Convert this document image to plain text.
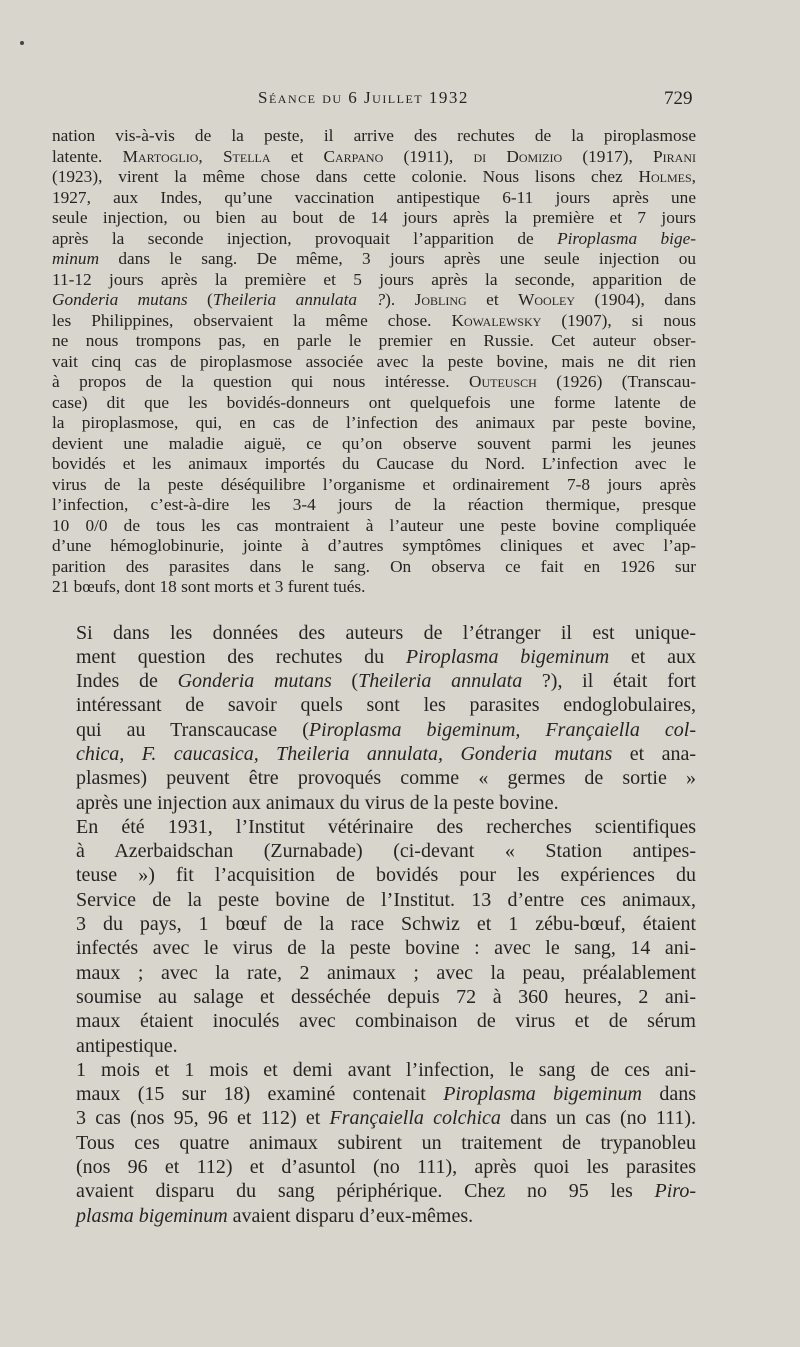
Séance du 6 Juillet 1932	729

nation vis-à-vis de la peste, il arrive des rechutes de la piroplasmose
latente. Martoglio, Stella et Carpano (1911), di Domizio (1917), Pirani
(1923), virent la même chose dans cette colonie. Nous lisons chez Holmes,
1927, aux Indes, qu’une vaccination antipestique 6-11 jours après une
seule injection, ou bien au bout de 14 jours après la première et 7 jours
après la seconde injection, provoquait l’apparition de Piroplasma bige-
minum dans le sang. De même, 3 jours après une seule injection ou
11-12 jours après la première et 5 jours après la seconde, apparition de
Gonderia mutans (Theileria annulata ?). Jobling et Wooley (1904), dans
les Philippines, observaient la même chose. Kowalewsky (1907), si nous
ne nous trompons pas, en parle le premier en Russie. Cet auteur obser-
vait cinq cas de piroplasmose associée avec la peste bovine, mais ne dit rien
à propos de la question qui nous intéresse. Outeusch (1926) (Transcau-
case) dit que les bovidés-donneurs ont quelquefois une forme latente de
la piroplasmose, qui, en cas de l’infection des animaux par peste bovine,
devient une maladie aiguë, ce qu’on observe souvent parmi les jeunes
bovidés et les animaux importés du Caucase du Nord. L’infection avec le
virus de la peste déséquilibre l’organisme et ordinairement 7-8 jours après
l’infection, c’est-à-dire les 3-4 jours de la réaction thermique, presque
10 0/0 de tous les cas montraient à l’auteur une peste bovine compliquée
d’une hémoglobinurie, jointe à d’autres symptômes cliniques et avec l’ap-
parition des parasites dans le sang. On observa ce fait en 1926 sur
21 bœufs, dont 18 sont morts et 3 furent tués.

Si dans les données des auteurs de l’étranger il est unique-
ment question des rechutes du Piroplasma bigeminum et aux
Indes de Gonderia mutans (Theileria annulata ?), il était fort
intéressant de savoir quels sont les parasites endoglobulaires,
qui au Transcaucase (Piroplasma bigeminum, Françaiella col-
chica, F. caucasica, Theileria annulata, Gonderia mutans et ana-
plasmes) peuvent être provoqués comme « germes de sortie »
après une injection aux animaux du virus de la peste bovine.

En été 1931, l’Institut vétérinaire des recherches scientifiques
à Azerbaidschan (Zurnabade) (ci-devant « Station antipes-
teuse ») fit l’acquisition de bovidés pour les expériences du
Service de la peste bovine de l’Institut. 13 d’entre ces animaux,
3 du pays, 1 bœuf de la race Schwiz et 1 zébu-bœuf, étaient
infectés avec le virus de la peste bovine : avec le sang, 14 ani-
maux ; avec la rate, 2 animaux ; avec la peau, préalablement
soumise au salage et desséchée depuis 72 à 360 heures, 2 ani-
maux étaient inoculés avec combinaison de virus et de sérum
antipestique.

1 mois et 1 mois et demi avant l’infection, le sang de ces ani-
maux (15 sur 18) examiné contenait Piroplasma bigeminum dans
3 cas (nos 95, 96 et 112) et Françaiella colchica dans un cas (no 111).
Tous ces quatre animaux subirent un traitement de trypanobleu
(nos 96 et 112) et d’asuntol (no 111), après quoi les parasites
avaient disparu du sang périphérique. Chez no 95 les Piro-
plasma bigeminum avaient disparu d’eux-mêmes.
